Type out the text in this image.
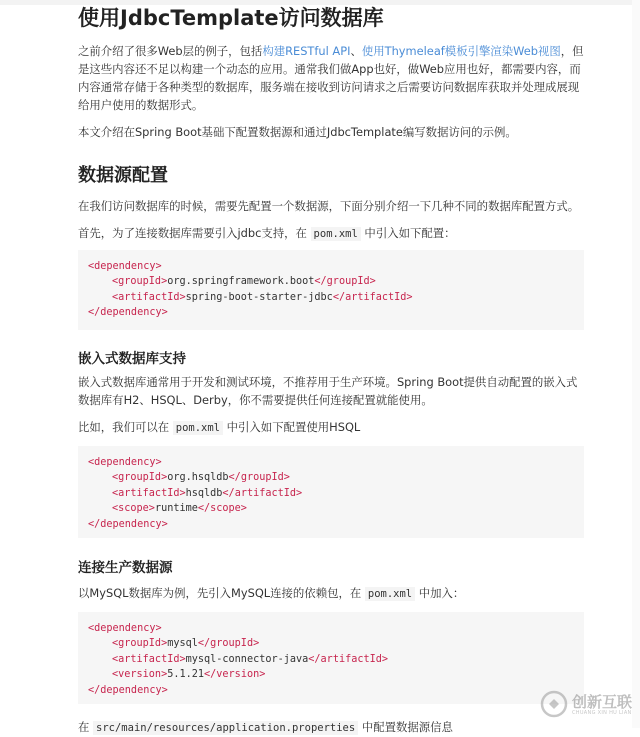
使用JdbcTemplate访问数据库

之前介绍了很多Web层的例子，包括构建RESTful API、使用Thymeleaf模板引擎渲染Web视图，但是这些内容还不足以构建一个动态的应用。通常我们做App也好，做Web应用也好，都需要内容，而内容通常存储于各种类型的数据库，服务端在接收到访问请求之后需要访问数据库获取并处理成展现给用户使用的数据形式。

本文介绍在Spring Boot基础下配置数据源和通过JdbcTemplate编写数据访问的示例。

数据源配置

在我们访问数据库的时候，需要先配置一个数据源，下面分别介绍一下几种不同的数据库配置方式。

首先，为了连接数据库需要引入jdbc支持，在 pom.xml 中引入如下配置：

<dependency>
<groupId>org.springframework.boot</groupId>
<artifactId>spring-boot-starter-jdbc</artifactId>
</dependency>
嵌入式数据库支持

嵌入式数据库通常用于开发和测试环境，不推荐用于生产环境。Spring Boot提供自动配置的嵌入式数据库有H2、HSQL、Derby，你不需要提供任何连接配置就能使用。

比如，我们可以在 pom.xml 中引入如下配置使用HSQL

<dependency>
<groupId>org.hsqldb</groupId>
<artifactId>hsqldb</artifactId>
<scope>runtime</scope>
</dependency>
连接生产数据源

以MySQL数据库为例，先引入MySQL连接的依赖包，在 pom.xml 中加入：

<dependency>
<groupId>mysql</groupId>
<artifactId>mysql-connector-java</artifactId>
<version>5.1.21</version>
</dependency>

在 src/main/resources/application.properties 中配置数据源信息

创新互联
CHUANG XIN HU LIAN
